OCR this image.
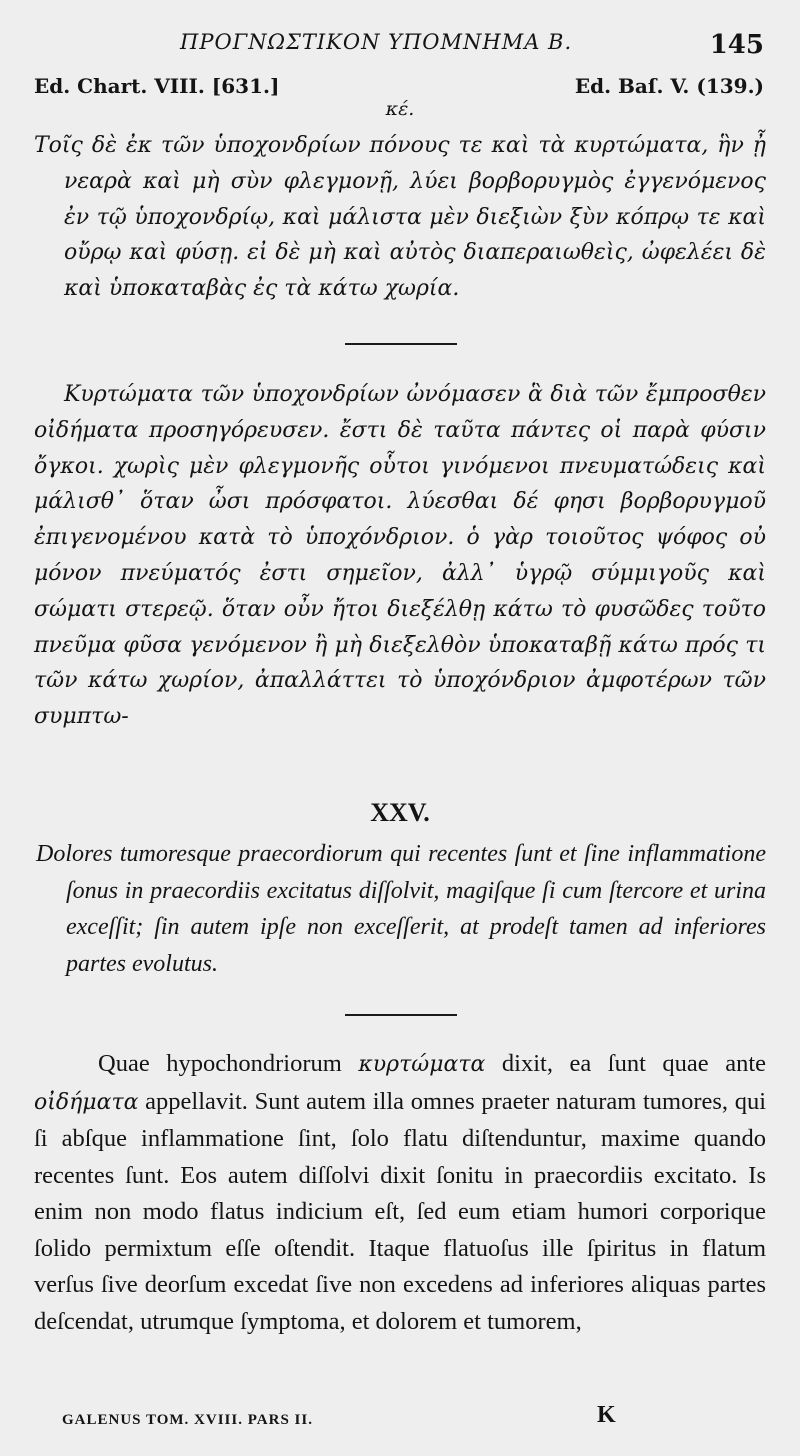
ΠΡΟΓΝΩΣΤΙΚΟΝ ΥΠΟΜΝΗΜΑ Β.	145
Ed. Chart. VIII. [631.]	Ed. Baſ. V. (139.)
κέ.

Τοῖς δὲ ἐκ τῶν ὑποχονδρίων πόνους τε καὶ τὰ κυρτώματα, ἣν ᾖ νεαρὰ καὶ μὴ σὺν φλεγμονῇ, λύει βορβορυγμὸς ἐγγενόμενος ἐν τῷ ὑποχονδρίῳ, καὶ μάλιστα μὲν διεξιὼν ξὺν κόπρῳ τε καὶ οὔρῳ καὶ φύσῃ. εἰ δὲ μὴ καὶ αὐτὸς διαπεραιωθεὶς, ὠφελέει δὲ καὶ ὑποκαταβὰς ἐς τὰ κάτω χωρία.

Κυρτώματα τῶν ὑποχονδρίων ὠνόμασεν ἃ διὰ τῶν ἔμπροσθεν οἰδήματα προσηγόρευσεν. ἔστι δὲ ταῦτα πάντες οἱ παρὰ φύσιν ὄγκοι. χωρὶς μὲν φλεγμονῆς οὗτοι γινόμενοι πνευματώδεις καὶ μάλισθ᾽ ὅταν ὦσι πρόσφατοι. λύεσθαι δέ φησι βορβορυγμοῦ ἐπιγενομένου κατὰ τὸ ὑποχόνδριον. ὁ γὰρ τοιοῦτος ψόφος οὐ μόνον πνεύματός ἐστι σημεῖον, ἀλλ᾽ ὑγρῷ σύμμιγοῦς καὶ σώματι στερεῷ. ὅταν οὖν ἤτοι διεξέλθῃ κάτω τὸ φυσῶδες τοῦτο πνεῦμα φῦσα γενόμενον ἢ μὴ διεξελθὸν ὑποκαταβῇ κάτω πρός τι τῶν κάτω χωρίον, ἀπαλλάττει τὸ ὑποχόνδριον ἀμφοτέρων τῶν συμπτω-

XXV.

Dolores tumoresque praecordiorum qui recentes ſunt et ſine inflammatione ſonus in praecordiis excitatus diſſolvit, magiſque ſi cum ſtercore et urina exceſſit; ſin autem ipſe non exceſſerit, at prodeſt tamen ad inferiores partes evolutus.

Quae hypochondriorum κυρτώματα dixit, ea ſunt quae ante οἰδήματα appellavit. Sunt autem illa omnes praeter naturam tumores, qui ſi abſque inflammatione ſint, ſolo flatu diſtenduntur, maxime quando recentes ſunt. Eos autem diſſolvi dixit ſonitu in praecordiis excitato. Is enim non modo flatus indicium eſt, ſed eum etiam humori corporique ſolido permixtum eſſe oſtendit. Itaque flatuoſus ille ſpiritus in flatum verſus ſive deorſum excedat ſive non excedens ad inferiores aliquas partes deſcendat, utrumque ſymptoma, et dolorem et tumorem,

GALENUS TOM. XVIII. PARS II.	K
